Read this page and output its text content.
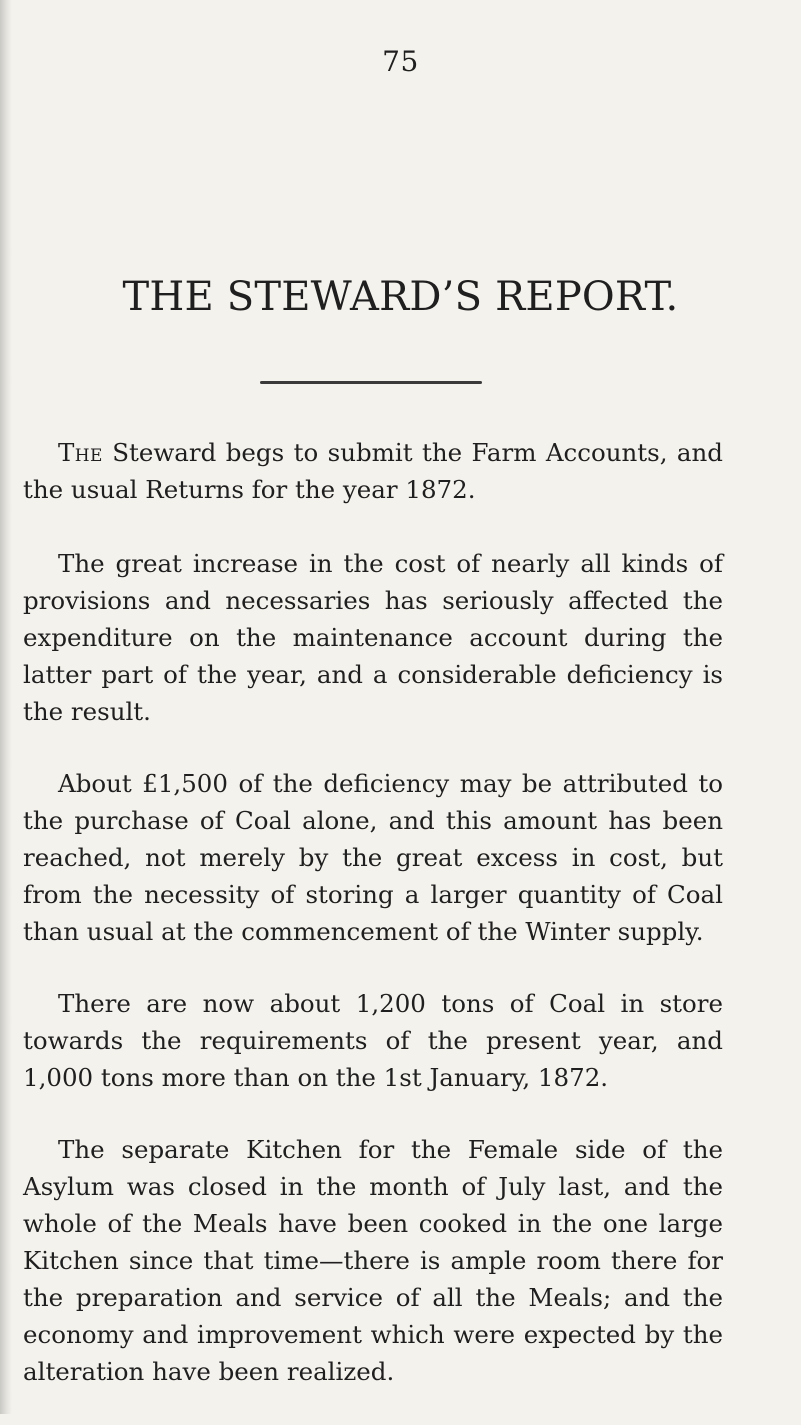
75
THE STEWARD’S REPORT.

The Steward begs to submit the Farm Accounts, and the usual Returns for the year 1872.

The great increase in the cost of nearly all kinds of provisions and necessaries has seriously affected the expenditure on the maintenance account during the latter part of the year, and a considerable deficiency is the result.

About £1,500 of the deficiency may be attributed to the purchase of Coal alone, and this amount has been reached, not merely by the great excess in cost, but from the necessity of storing a larger quantity of Coal than usual at the commencement of the Winter supply.

There are now about 1,200 tons of Coal in store towards the requirements of the present year, and 1,000 tons more than on the 1st January, 1872.

The separate Kitchen for the Female side of the Asylum was closed in the month of July last, and the whole of the Meals have been cooked in the one large Kitchen since that time—there is ample room there for the preparation and service of all the Meals; and the economy and improvement which were expected by the alteration have been realized.
